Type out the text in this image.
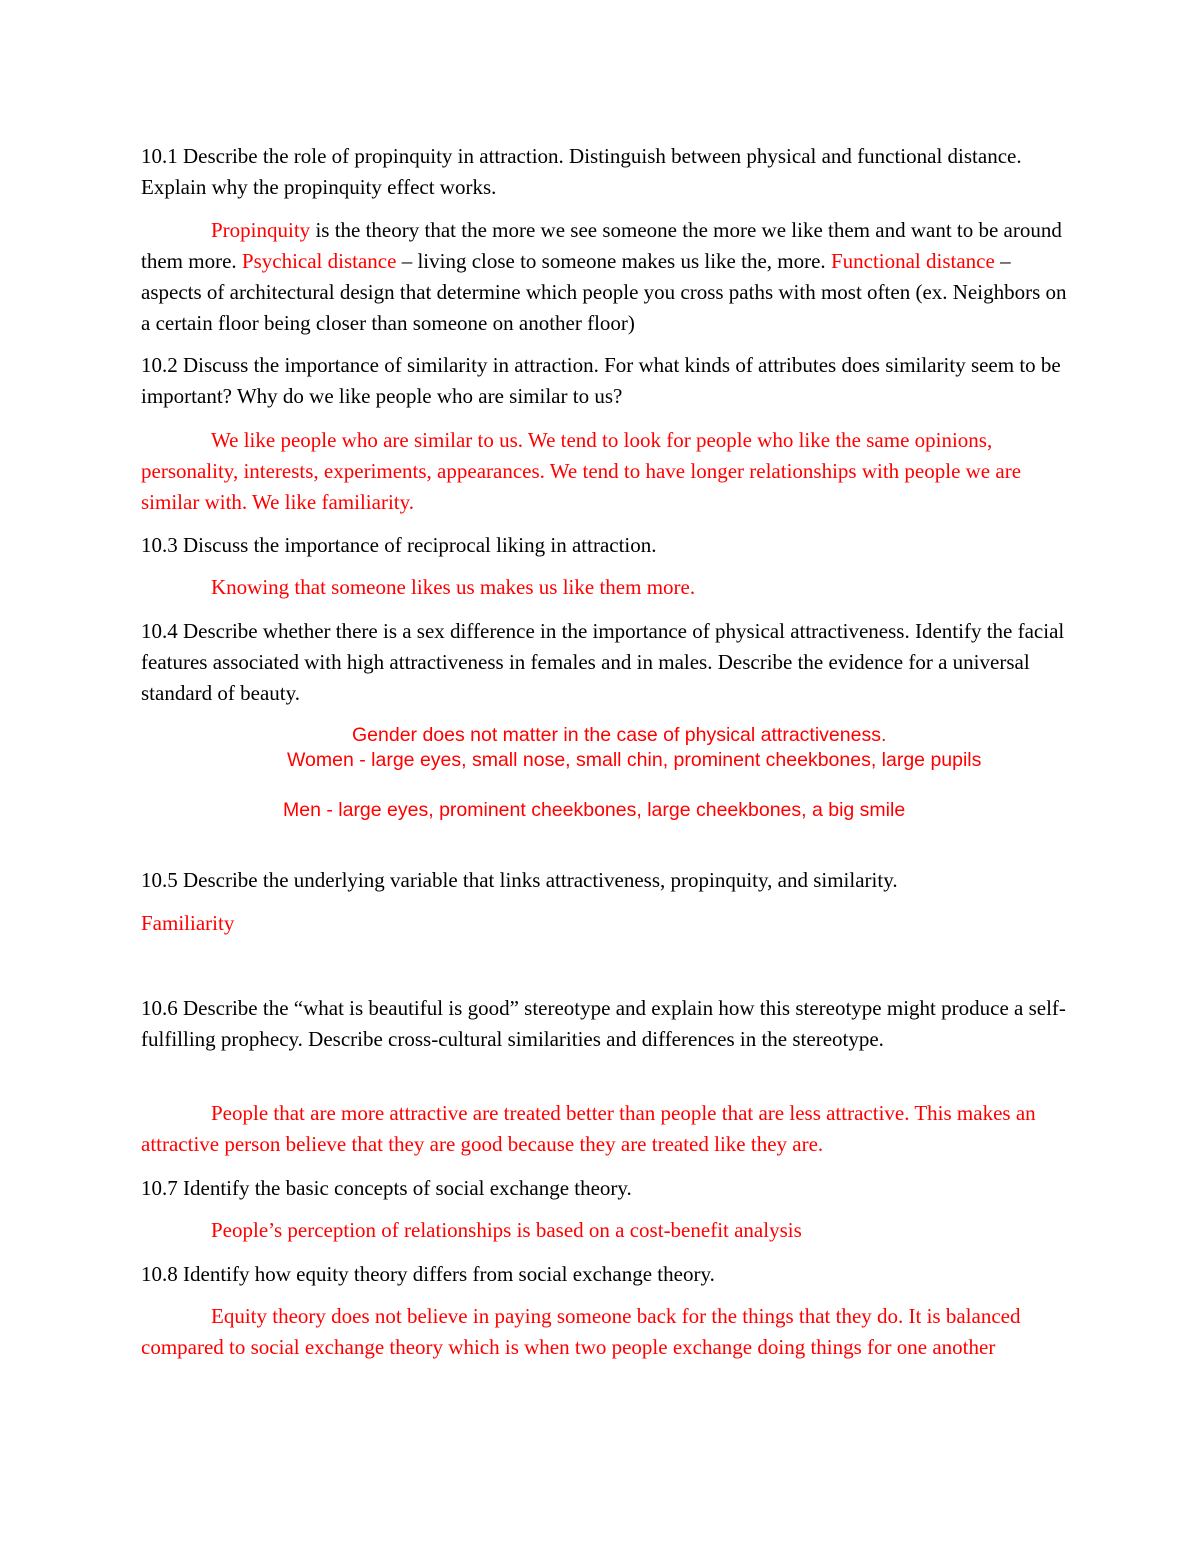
10.1 Describe the role of propinquity in attraction. Distinguish between physical and functional distance. Explain why the propinquity effect works.

Propinquity is the theory that the more we see someone the more we like them and want to be around them more. Psychical distance – living close to someone makes us like the, more. Functional distance – aspects of architectural design that determine which people you cross paths with most often (ex. Neighbors on a certain floor being closer than someone on another floor)

10.2 Discuss the importance of similarity in attraction. For what kinds of attributes does similarity seem to be important? Why do we like people who are similar to us?

We like people who are similar to us. We tend to look for people who like the same opinions, personality, interests, experiments, appearances. We tend to have longer relationships with people we are similar with. We like familiarity.

10.3 Discuss the importance of reciprocal liking in attraction.

Knowing that someone likes us makes us like them more.

10.4 Describe whether there is a sex difference in the importance of physical attractiveness. Identify the facial features associated with high attractiveness in females and in males. Describe the evidence for a universal standard of beauty.

Gender does not matter in the case of physical attractiveness.

Women - large eyes, small nose, small chin, prominent cheekbones, large pupils

Men - large eyes, prominent cheekbones, large cheekbones, a big smile

10.5 Describe the underlying variable that links attractiveness, propinquity, and similarity.

Familiarity

10.6 Describe the “what is beautiful is good” stereotype and explain how this stereotype might produce a self-fulfilling prophecy. Describe cross-cultural similarities and differences in the stereotype.

People that are more attractive are treated better than people that are less attractive. This makes an attractive person believe that they are good because they are treated like they are.

10.7 Identify the basic concepts of social exchange theory.

People’s perception of relationships is based on a cost-benefit analysis

10.8 Identify how equity theory differs from social exchange theory.

Equity theory does not believe in paying someone back for the things that they do. It is balanced compared to social exchange theory which is when two people exchange doing things for one another
